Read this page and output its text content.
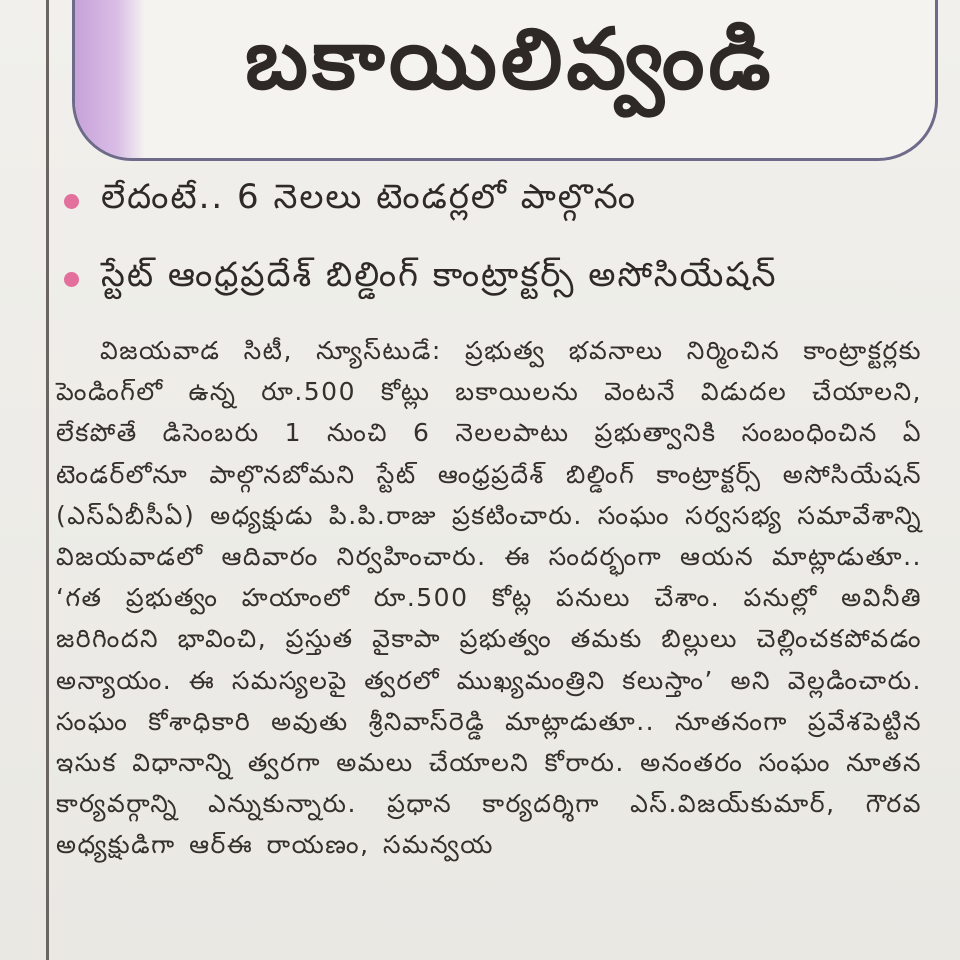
బకాయిలివ్వండి
లేదంటే.. 6 నెలలు టెండర్లలో పాల్గొనం
స్టేట్ ఆంధ్రప్రదేశ్ బిల్డింగ్ కాంట్రాక్టర్స్ అసోసియేషన్
విజయవాడ సిటీ, న్యూస్‌టుడే: ప్రభుత్వ భవనాలు నిర్మించిన కాంట్రాక్టర్లకు పెండింగ్‌లో ఉన్న రూ.500 కోట్లు బకాయిలను వెంటనే విడుదల చేయాలని, లేకపోతే డిసెంబరు 1 నుంచి 6 నెలలపాటు ప్రభుత్వానికి సంబంధించిన ఏ టెండర్‌లోనూ పాల్గొనబోమని స్టేట్ ఆంధ్రప్రదేశ్ బిల్డింగ్ కాంట్రాక్టర్స్ అసోసియేషన్ (ఎస్‌ఏబీసీఏ) అధ్యక్షుడు పి.పి.రాజు ప్రకటించారు. సంఘం సర్వసభ్య సమావేశాన్ని విజయవాడలో ఆదివారం నిర్వహించారు. ఈ సందర్భంగా ఆయన మాట్లాడుతూ.. ‘గత ప్రభుత్వం హయాంలో రూ.500 కోట్ల పనులు చేశాం. పనుల్లో అవినీతి జరిగిందని భావించి, ప్రస్తుత వైకాపా ప్రభుత్వం తమకు బిల్లులు చెల్లించకపోవడం అన్యాయం. ఈ సమస్యలపై త్వరలో ముఖ్యమంత్రిని కలుస్తాం’ అని వెల్లడించారు. సంఘం కోశాధికారి అవుతు శ్రీనివాస్‌రెడ్డి మాట్లాడుతూ.. నూతనంగా ప్రవేశపెట్టిన ఇసుక విధానాన్ని త్వరగా అమలు చేయాలని కోరారు. అనంతరం సంఘం నూతన కార్యవర్గాన్ని ఎన్నుకున్నారు. ప్రధాన కార్యదర్శిగా ఎస్.విజయ్‌కుమార్, గౌరవ అధ్యక్షుడిగా ఆర్‌ఈ రాయణం, సమన్వయ
